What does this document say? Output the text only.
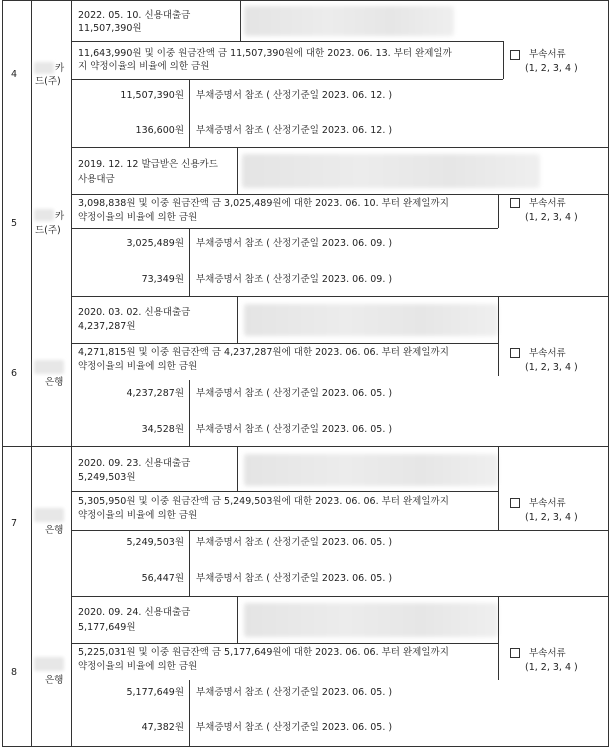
4
카
드(주)
2022. 05. 10. 신용대출금
11,507,390원
11,643,990원 및 이중 원금잔액 금 11,507,390원에 대한 2023. 06. 13. 부터 완제일까
지 약정이율의 비율에 의한 금원
부속서류
(1, 2, 3, 4 )
11,507,390원 부채증명서 참조 ( 산정기준일 2023. 06. 12. )
136,600원 부채증명서 참조 ( 산정기준일 2023. 06. 12. )
5
카
드(주)
2019. 12. 12 발급받은 신용카드
사용대금
3,098,838원 및 이중 원금잔액 금 3,025,489원에 대한 2023. 06. 10. 부터 완제일까지
약정이율의 비율에 의한 금원
부속서류
(1, 2, 3, 4 )
3,025,489원 부채증명서 참조 ( 산정기준일 2023. 06. 09. )
73,349원 부채증명서 참조 ( 산정기준일 2023. 06. 09. )
6
은행
2020. 03. 02. 신용대출금
4,237,287원
4,271,815원 및 이중 원금잔액 금 4,237,287원에 대한 2023. 06. 06. 부터 완제일까지
약정이율의 비율에 의한 금원
부속서류
(1, 2, 3, 4 )
4,237,287원 부채증명서 참조 ( 산정기준일 2023. 06. 05. )
34,528원 부채증명서 참조 ( 산정기준일 2023. 06. 05. )
7
은행
2020. 09. 23. 신용대출금
5,249,503원
5,305,950원 및 이중 원금잔액 금 5,249,503원에 대한 2023. 06. 06. 부터 완제일까지
약정이율의 비율에 의한 금원
부속서류
(1, 2, 3, 4 )
5,249,503원 부채증명서 참조 ( 산정기준일 2023. 06. 05. )
56,447원 부채증명서 참조 ( 산정기준일 2023. 06. 05. )
8
은행
2020. 09. 24. 신용대출금
5,177,649원
5,225,031원 및 이중 원금잔액 금 5,177,649원에 대한 2023. 06. 06. 부터 완제일까지
약정이율의 비율에 의한 금원
부속서류
(1, 2, 3, 4 )
5,177,649원 부채증명서 참조 ( 산정기준일 2023. 06. 05. )
47,382원 부채증명서 참조 ( 산정기준일 2023. 06. 05. )
